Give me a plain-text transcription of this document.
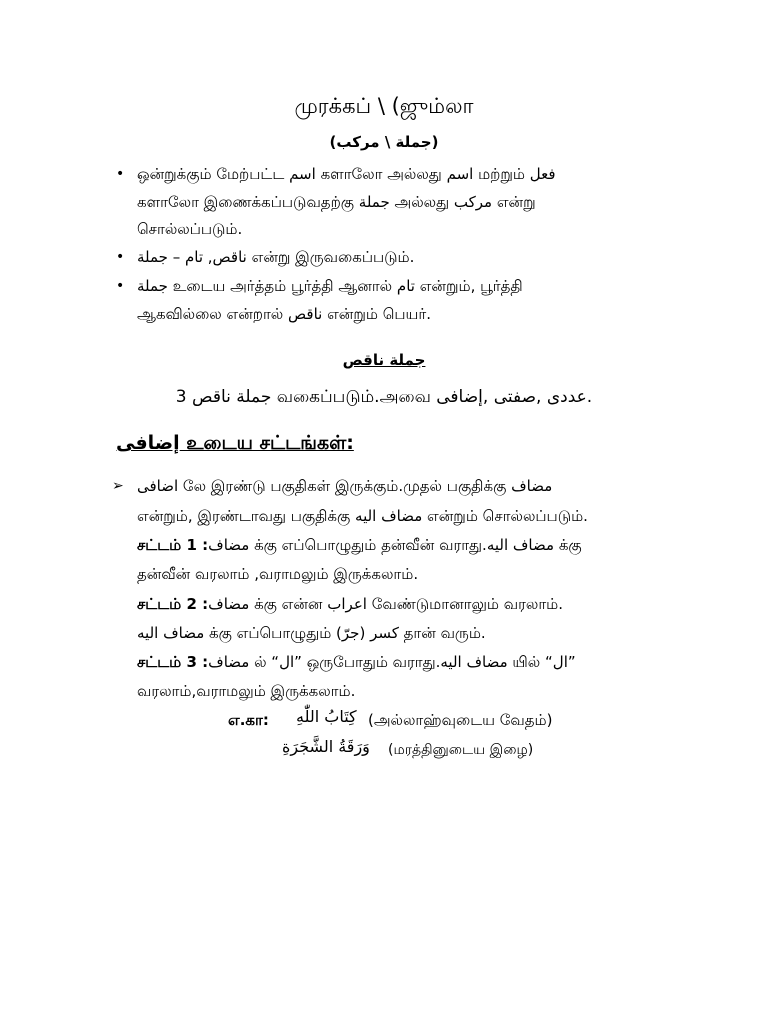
முரக்கப் \ (ஜும்லா
(جملة \ مركب)
• ஒன்றுக்கும் மேற்பட்ட اسم களாலோ அல்லது اسم மற்றும் فعل
களாலோ இணைக்கப்படுவதற்கு جملة அல்லது مركب என்று
சொல்லப்படும்.
• ناقص, تام – جملة என்று இருவகைப்படும்.
• جملة உடைய அர்த்தம் பூர்த்தி ஆனால் تام என்றும், பூர்த்தி
ஆகவில்லை என்றால் ناقص என்றும் பெயர்.
جملة ناقص
3 جملة ناقص வகைப்படும்.அவை عددى ,صفتى ,إضافى.
إضافى உடைய சட்டங்கள்:
➢ اضافى லே இரண்டு பகுதிகள் இருக்கும்.முதல் பகுதிக்கு مضاف
என்றும், இரண்டாவது பகுதிக்கு مضاف اليه என்றும் சொல்லப்படும்.
சட்டம் 1 :مضاف க்கு எப்பொழுதும் தன்வீன் வராது.مضاف اليه க்கு
தன்வீன் வரலாம் ,வராமலும் இருக்கலாம்.
சட்டம் 2 :مضاف க்கு என்ன اعراب வேண்டுமானாலும் வரலாம்.
مضاف اليه க்கு எப்பொழுதும் (جرّ) كسر தான் வரும்.
சட்டம் 3 :مضاف ல் “ال” ஒருபோதும் வராது.مضاف اليه யில் “ال”
வரலாம்,வராமலும் இருக்கலாம்.
எ.கா: كِتَابُ اللّٰهِ (அல்லாஹ்வுடைய வேதம்)
وَرَقَةُ الشَّجَرَةِ (மரத்தினுடைய இழை)
